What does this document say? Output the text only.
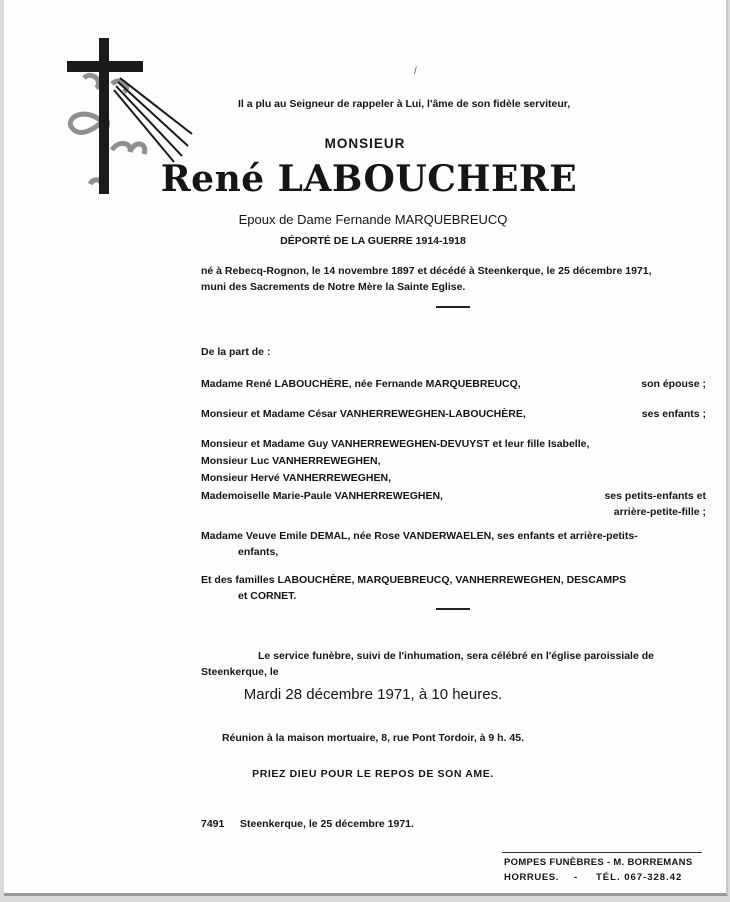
/
Il a plu au Seigneur de rappeler à Lui, l'âme de son fidèle serviteur,
MONSIEUR
René LABOUCHERE
Epoux de Dame Fernande MARQUEBREUCQ
DÉPORTÉ DE LA GUERRE 1914-1918
né à Rebecq-Rognon, le 14 novembre 1897 et décédé à Steenkerque, le 25 décembre 1971,
muni des Sacrements de Notre Mère la Sainte Eglise.
De la part de :
Madame René LABOUCHÈRE, née Fernande MARQUEBREUCQ,	son épouse ;
Monsieur et Madame César VANHERREWEGHEN-LABOUCHÈRE,	ses enfants ;
Monsieur et Madame Guy VANHERREWEGHEN-DEVUYST et leur fille Isabelle,
Monsieur Luc VANHERREWEGHEN,
Monsieur Hervé VANHERREWEGHEN,
Mademoiselle Marie-Paule VANHERREWEGHEN,	ses petits-enfants et
arrière-petite-fille ;
Madame Veuve Emile DEMAL, née Rose VANDERWAELEN, ses enfants et arrière-petits-
enfants,
Et des familles LABOUCHÈRE, MARQUEBREUCQ, VANHERREWEGHEN, DESCAMPS
et CORNET.
Le service funèbre, suivi de l'inhumation, sera célébré en l'église paroissiale de
Steenkerque, le
Mardi 28 décembre 1971, à 10 heures.
Réunion à la maison mortuaire, 8, rue Pont Tordoir, à 9 h. 45.
PRIEZ DIEU POUR LE REPOS DE SON AME.
7491 Steenkerque, le 25 décembre 1971.
POMPES FUNÈBRES - M. BORREMANS
HORRUES. - TÉL. 067-328.42
